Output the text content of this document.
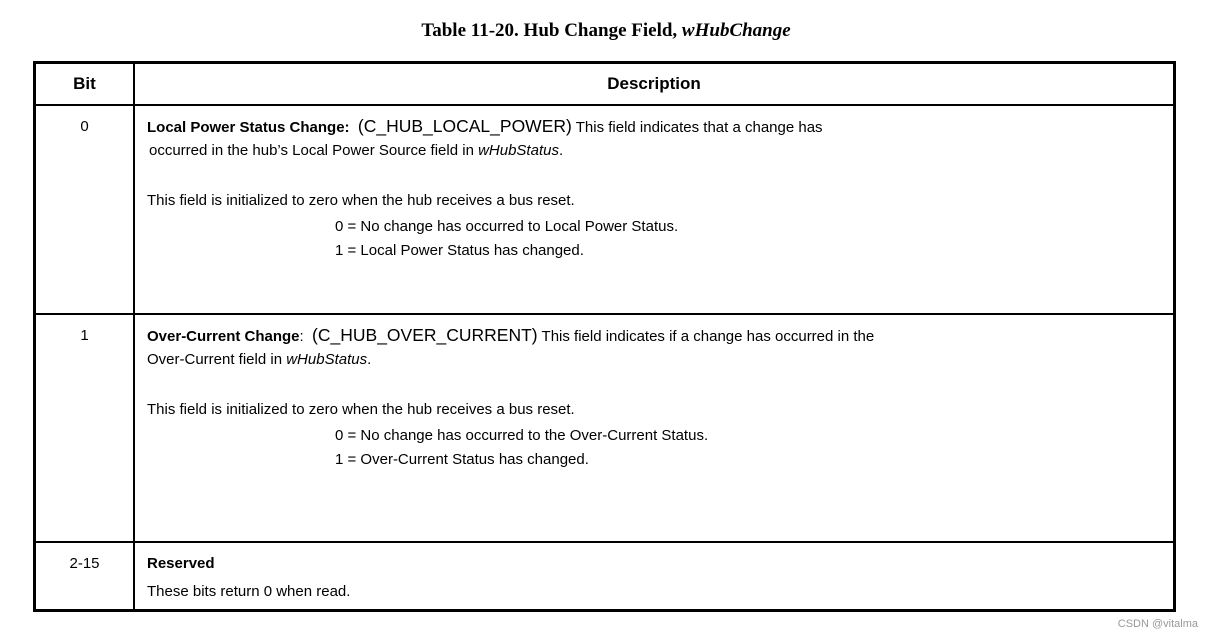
Table 11-20. Hub Change Field, wHubChange
Bit	Description
0	Local Power Status Change: (C_HUB_LOCAL_POWER) This field indicates that a change has
occurred in the hub’s Local Power Source field in wHubStatus.
This field is initialized to zero when the hub receives a bus reset.
0 = No change has occurred to Local Power Status.
1 = Local Power Status has changed.
1	Over-Current Change: (C_HUB_OVER_CURRENT) This field indicates if a change has occurred in the
Over-Current field in wHubStatus.
This field is initialized to zero when the hub receives a bus reset.
0 = No change has occurred to the Over-Current Status.
1 = Over-Current Status has changed.
2-15	Reserved
These bits return 0 when read.
CSDN @vitalma
